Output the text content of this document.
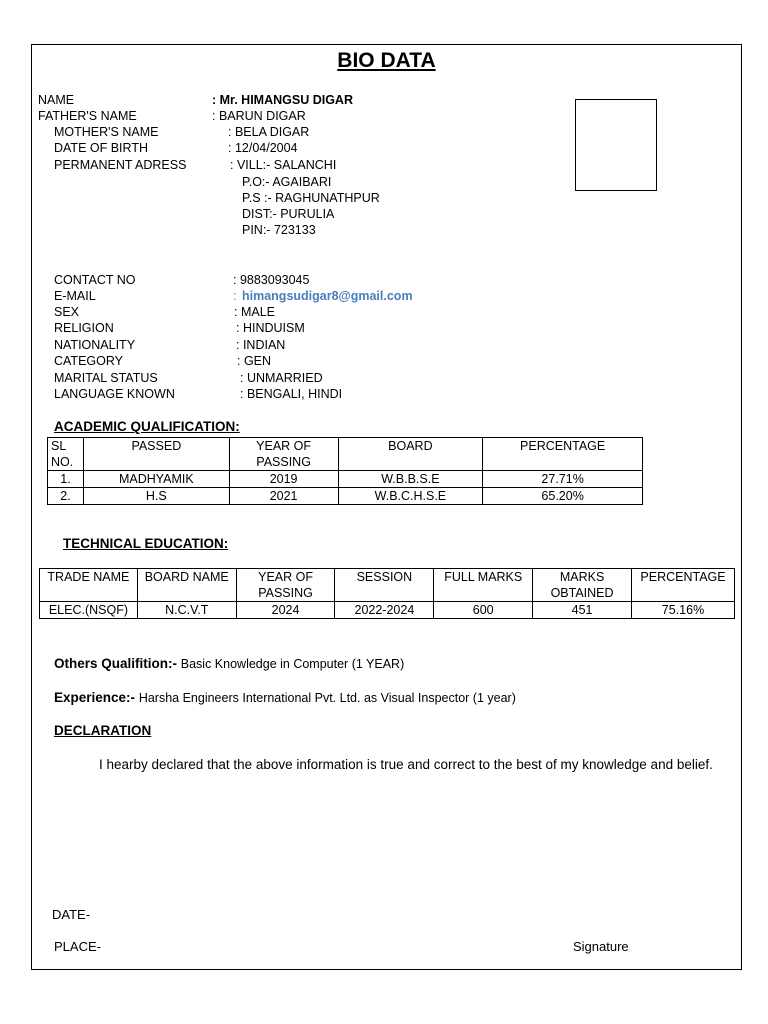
BIO DATA
NAME	: Mr. HIMANGSU DIGAR
FATHER'S NAME	: BARUN DIGAR
MOTHER'S NAME	: BELA DIGAR
DATE OF BIRTH	: 12/04/2004
PERMANENT ADRESS	: VILL:- SALANCHI
P.O:- AGAIBARI
P.S :- RAGHUNATHPUR
DIST:- PURULIA
PIN:- 723133
CONTACT NO	: 9883093045
E-MAIL	: himangsudigar8@gmail.com
SEX	: MALE
RELIGION	: HINDUISM
NATIONALITY	: INDIAN
CATEGORY	: GEN
MARITAL STATUS	: UNMARRIED
LANGUAGE KNOWN	: BENGALI, HINDI
ACADEMIC QUALIFICATION:
SL NO.	PASSED	YEAR OF PASSING	BOARD	PERCENTAGE
1.	MADHYAMIK	2019	W.B.B.S.E	27.71%
2.	H.S	2021	W.B.C.H.S.E	65.20%
TECHNICAL EDUCATION:
TRADE NAME	BOARD NAME	YEAR OF PASSING	SESSION	FULL MARKS	MARKS OBTAINED	PERCENTAGE
ELEC.(NSQF)	N.C.V.T	2024	2022-2024	600	451	75.16%
Others Qualifition:- Basic Knowledge in Computer (1 YEAR)
Experience:- Harsha Engineers International Pvt. Ltd. as Visual Inspector (1 year)
DECLARATION
I hearby declared that the above information is true and correct to the best of my knowledge and belief.
DATE-
PLACE-	Signature
